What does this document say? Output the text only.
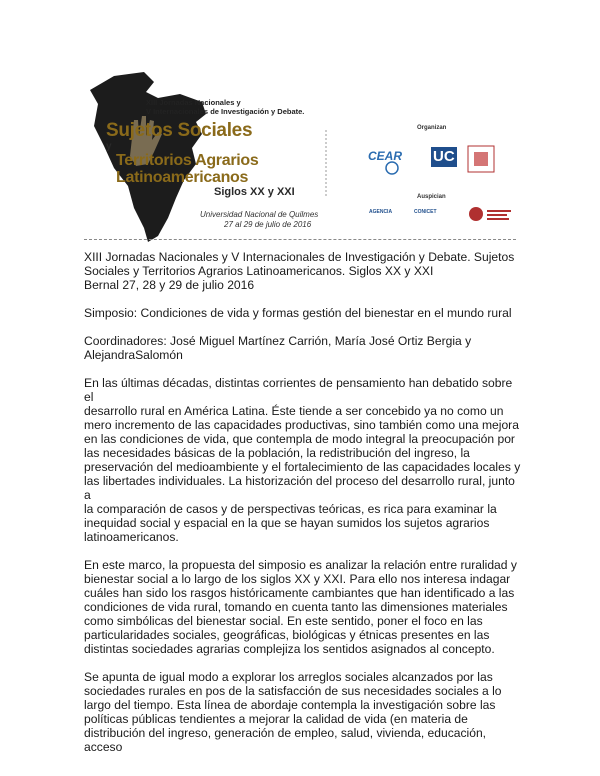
XIII Jornadas Nacionales y
V Internacionales de Investigación y Debate.
Sujetos Sociales
y
Territorios Agrarios
Latinoamericanos
Siglos XX y XXI
Universidad Nacional de Quilmes
27 al 29 de julio de 2016
Organizan
Auspician
CEAR UC
AGENCIA	CONICET

XIII Jornadas Nacionales y V Internacionales de Investigación y Debate. Sujetos

Sociales y Territorios Agrarios Latinoamericanos. Siglos XX y XXI

Bernal 27, 28 y 29 de julio 2016

Simposio: Condiciones de vida y formas gestión del bienestar en el mundo rural

Coordinadores: José Miguel Martínez Carrión, María José Ortiz Bergia y

AlejandraSalomón

En las últimas décadas, distintas corrientes de pensamiento han debatido sobre el

desarrollo rural en América Latina. Éste tiende a ser concebido ya no como un

mero incremento de las capacidades productivas, sino también como una mejora

en las condiciones de vida, que contempla de modo integral la preocupación por

las necesidades básicas de la población, la redistribución del ingreso, la

preservación del medioambiente y el fortalecimiento de las capacidades locales y

las libertades individuales. La historización del proceso del desarrollo rural, junto a

la comparación de casos y de perspectivas teóricas, es rica para examinar la

inequidad social y espacial en la que se hayan sumidos los sujetos agrarios

latinoamericanos.

En este marco, la propuesta del simposio es analizar la relación entre ruralidad y

bienestar social a lo largo de los siglos XX y XXI. Para ello nos interesa indagar

cuáles han sido los rasgos históricamente cambiantes que han identificado a las

condiciones de vida rural, tomando en cuenta tanto las dimensiones materiales

como simbólicas del bienestar social. En este sentido, poner el foco en las

particularidades sociales, geográficas, biológicas y étnicas presentes en las

distintas sociedades agrarias complejiza los sentidos asignados al concepto.

Se apunta de igual modo a explorar los arreglos sociales alcanzados por las

sociedades rurales en pos de la satisfacción de sus necesidades sociales a lo

largo del tiempo. Esta línea de abordaje contempla la investigación sobre las

políticas públicas tendientes a mejorar la calidad de vida (en materia de

distribución del ingreso, generación de empleo, salud, vivienda, educación, acceso
